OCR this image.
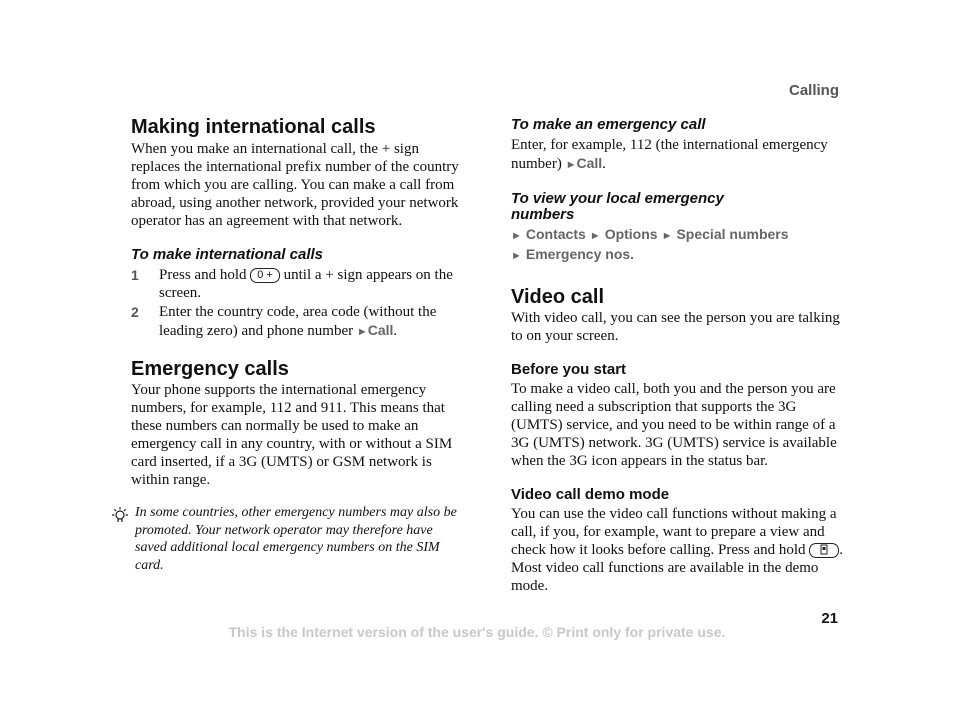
Calling
Making international calls

When you make an international call, the + sign replaces the international prefix number of the country from which you are calling. You can make a call from abroad, using another network, provided your network operator has an agreement with that network.

To make international calls
1	Press and hold 0 + until a + sign appears on the screen.
2	Enter the country code, area code (without the leading zero) and phone number ►Call.
Emergency calls

Your phone supports the international emergency numbers, for example, 112 and 911. This means that these numbers can normally be used to make an emergency call in any country, with or without a SIM card inserted, if a 3G (UMTS) or GSM network is within range.

In some countries, other emergency numbers may also be promoted. Your network operator may therefore have saved additional local emergency numbers on the SIM card.
To make an emergency call

Enter, for example, 112 (the international emergency number) ►Call.

To view your local emergency numbers
► Contacts ► Options ► Special numbers
► Emergency nos.
Video call

With video call, you can see the person you are talking to on your screen.

Before you start

To make a video call, both you and the person you are calling need a subscription that supports the 3G (UMTS) service, and you need to be within range of a 3G (UMTS) network. 3G (UMTS) service is available when the 3G icon appears in the status bar.

Video call demo mode

You can use the video call functions without making a call, if you, for example, want to prepare a view and check how it looks before calling. Press and hold . Most video call functions are available in the demo mode.

21
This is the Internet version of the user's guide. © Print only for private use.
